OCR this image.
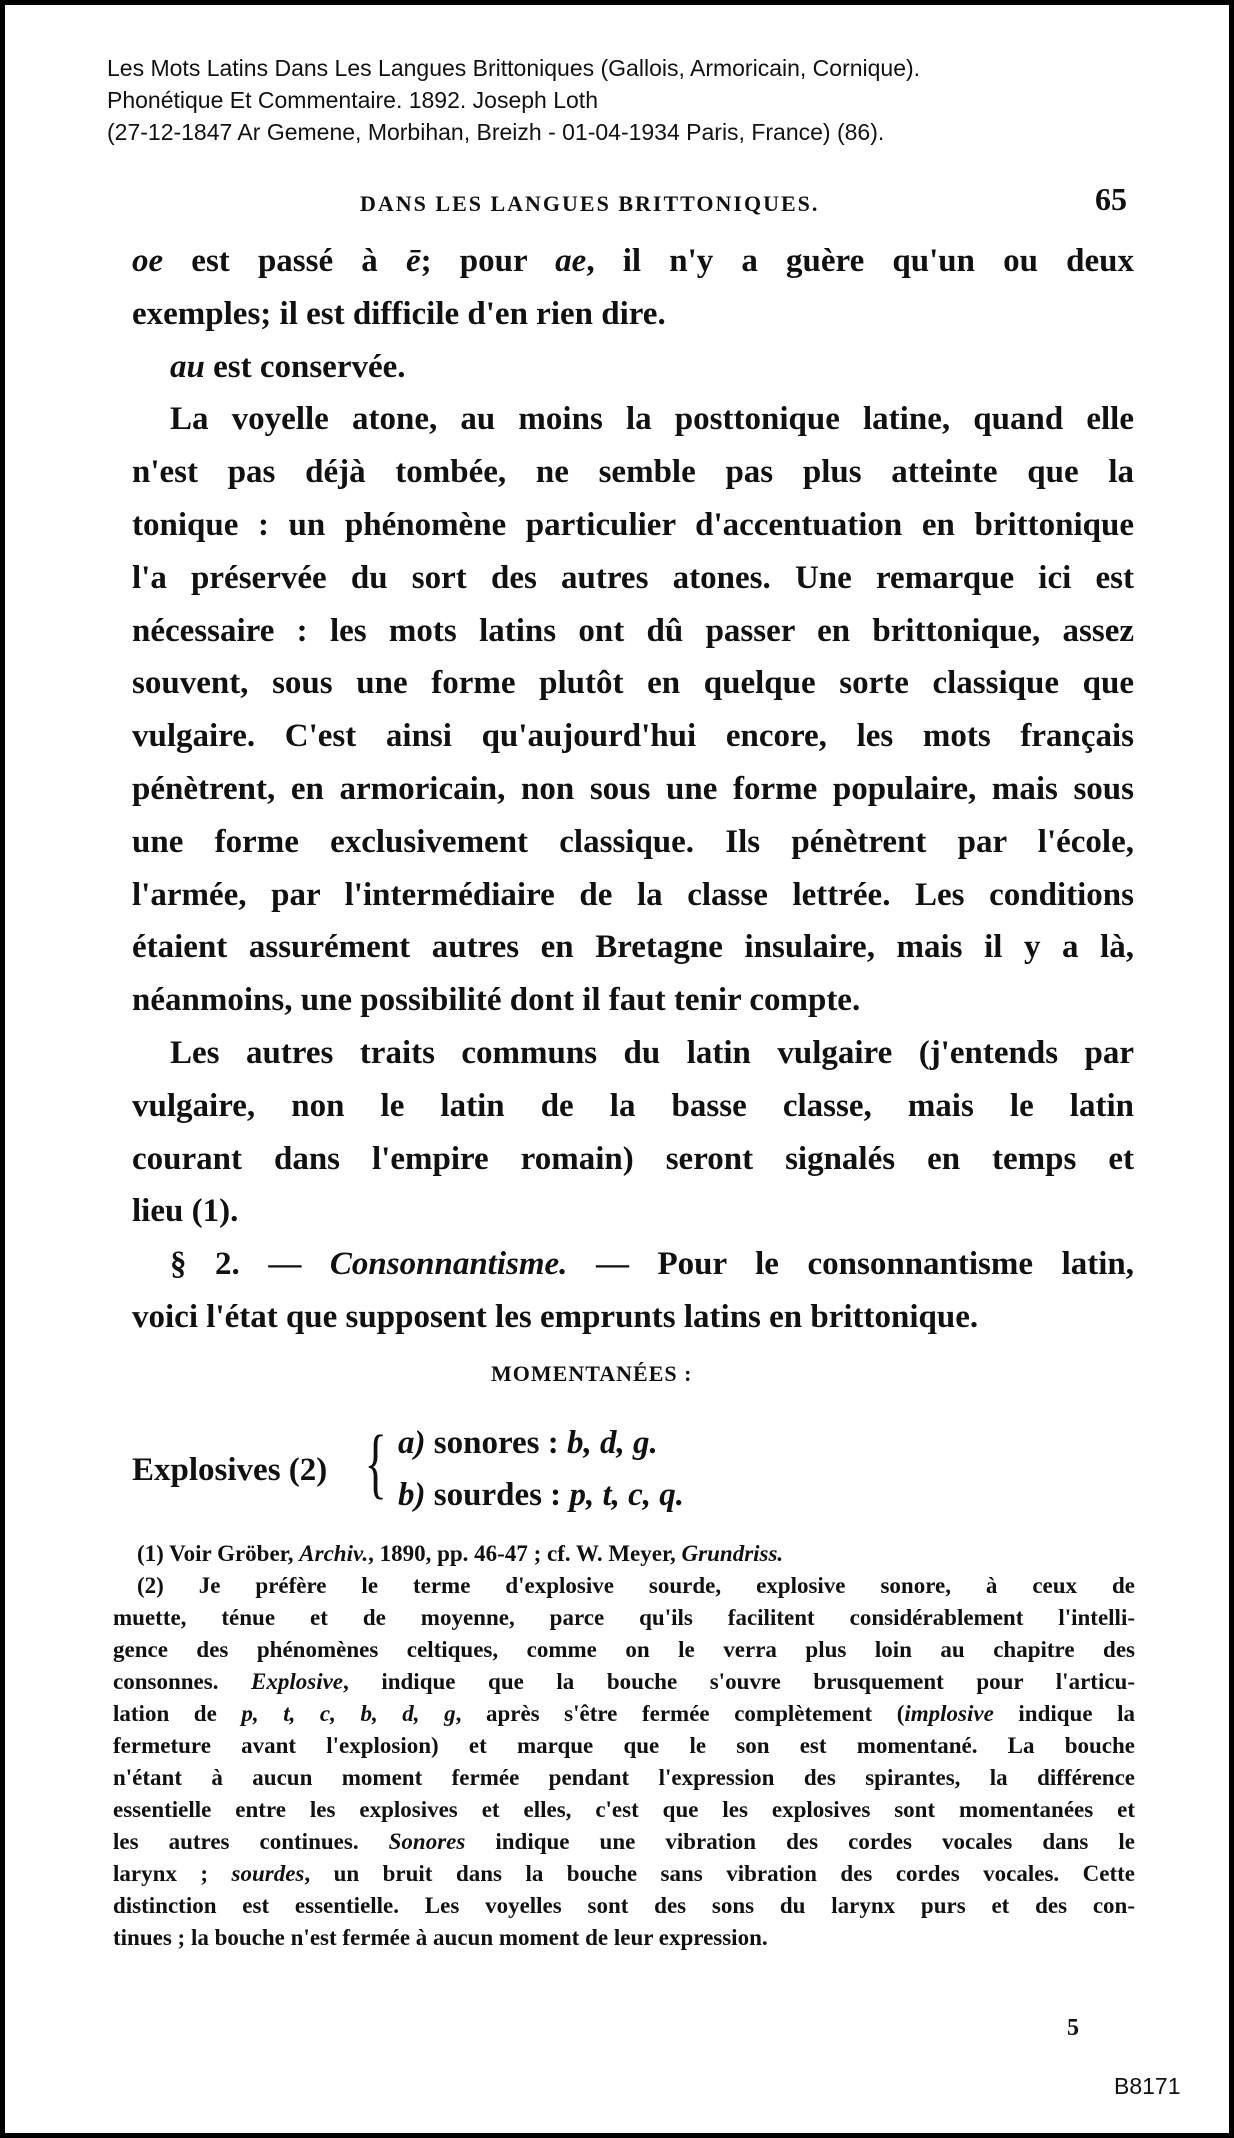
Les Mots Latins Dans Les Langues Brittoniques (Gallois, Armoricain, Cornique).
Phonétique Et Commentaire. 1892. Joseph Loth
(27-12-1847 Ar Gemene, Morbihan, Breizh - 01-04-1934 Paris, France) (86).
DANS LES LANGUES BRITTONIQUES.	65
oe est passé à ē; pour ae, il n'y a guère qu'un ou deux
exemples; il est difficile d'en rien dire.
au est conservée.
La voyelle atone, au moins la posttonique latine, quand elle
n'est pas déjà tombée, ne semble pas plus atteinte que la
tonique : un phénomène particulier d'accentuation en brittonique
l'a préservée du sort des autres atones. Une remarque ici est
nécessaire : les mots latins ont dû passer en brittonique, assez
souvent, sous une forme plutôt en quelque sorte classique que
vulgaire. C'est ainsi qu'aujourd'hui encore, les mots français
pénètrent, en armoricain, non sous une forme populaire, mais sous
une forme exclusivement classique. Ils pénètrent par l'école,
l'armée, par l'intermédiaire de la classe lettrée. Les conditions
étaient assurément autres en Bretagne insulaire, mais il y a là,
néanmoins, une possibilité dont il faut tenir compte.
Les autres traits communs du latin vulgaire (j'entends par
vulgaire, non le latin de la basse classe, mais le latin
courant dans l'empire romain) seront signalés en temps et
lieu (1).
§ 2. — Consonnantisme. — Pour le consonnantisme latin,
voici l'état que supposent les emprunts latins en brittonique.
MOMENTANÉES :
Explosives (2) { a) sonores : b, d, g.
b) sourdes : p, t, c, q.
(1) Voir Gröber, Archiv., 1890, pp. 46-47 ; cf. W. Meyer, Grundriss.
(2) Je préfère le terme d'explosive sourde, explosive sonore, à ceux de
muette, ténue et de moyenne, parce qu'ils facilitent considérablement l'intelli-
gence des phénomènes celtiques, comme on le verra plus loin au chapitre des
consonnes. Explosive, indique que la bouche s'ouvre brusquement pour l'articu-
lation de p, t, c, b, d, g, après s'être fermée complètement (implosive indique la
fermeture avant l'explosion) et marque que le son est momentané. La bouche
n'étant à aucun moment fermée pendant l'expression des spirantes, la différence
essentielle entre les explosives et elles, c'est que les explosives sont momentanées et
les autres continues. Sonores indique une vibration des cordes vocales dans le
larynx ; sourdes, un bruit dans la bouche sans vibration des cordes vocales. Cette
distinction est essentielle. Les voyelles sont des sons du larynx purs et des con-
tinues ; la bouche n'est fermée à aucun moment de leur expression.
5
B8171
